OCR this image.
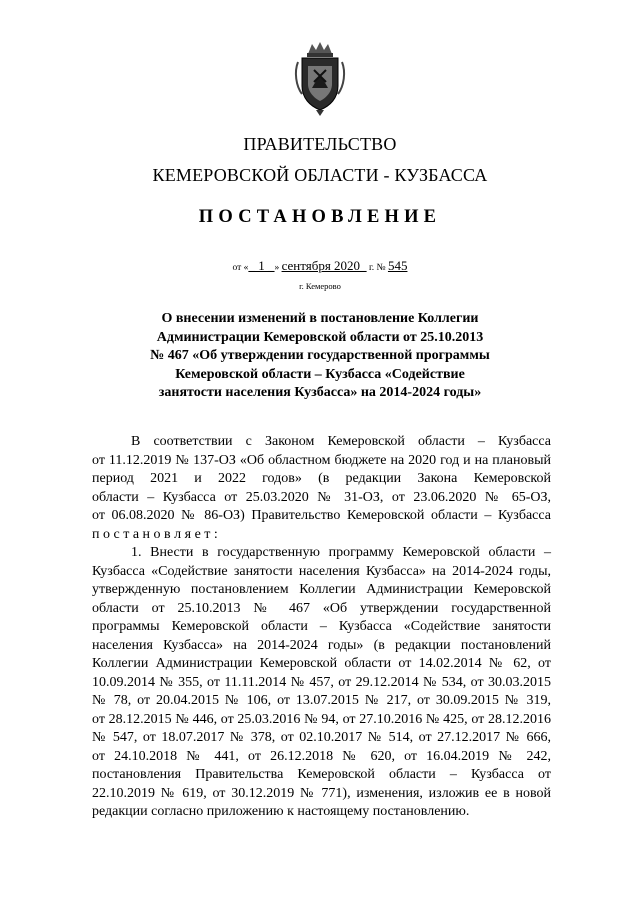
ПРАВИТЕЛЬСТВО
КЕМЕРОВСКОЙ ОБЛАСТИ - КУЗБАССА
ПОСТАНОВЛЕНИЕ
от «_ 1 _» сентября 2020_ г. № 545
г. Кемерово
О внесении изменений в постановление Коллегии
Администрации Кемеровской области от 25.10.2013
№ 467 «Об утверждении государственной программы
Кемеровской области – Кузбасса «Содействие
занятости населения Кузбасса» на 2014-2024 годы»
В соответствии с Законом Кемеровской области – Кузбасса
от 11.12.2019 № 137-ОЗ «Об областном бюджете на 2020 год и на плановый
период 2021 и 2022 годов» (в редакции Закона Кемеровской
области – Кузбасса от 25.03.2020 № 31-ОЗ, от 23.06.2020 № 65-ОЗ,
от 06.08.2020 № 86-ОЗ) Правительство Кемеровской области – Кузбасса
п о с т а н о в л я е т :
1. Внести в государственную программу Кемеровской области –
Кузбасса «Содействие занятости населения Кузбасса» на 2014-2024 годы,
утвержденную постановлением Коллегии Администрации Кемеровской
области от 25.10.2013 № 467 «Об утверждении государственной
программы Кемеровской области – Кузбасса «Содействие занятости
населения Кузбасса» на 2014-2024 годы» (в редакции постановлений
Коллегии Администрации Кемеровской области от 14.02.2014 № 62, от
10.09.2014 № 355, от 11.11.2014 № 457, от 29.12.2014 № 534, от 30.03.2015
№ 78, от 20.04.2015 № 106, от 13.07.2015 № 217, от 30.09.2015 № 319,
от 28.12.2015 № 446, от 25.03.2016 № 94, от 27.10.2016 № 425, от 28.12.2016
№ 547, от 18.07.2017 № 378, от 02.10.2017 № 514, от 27.12.2017 № 666,
от 24.10.2018 № 441, от 26.12.2018 № 620, от 16.04.2019 № 242,
постановления Правительства Кемеровской области – Кузбасса от
22.10.2019 № 619, от 30.12.2019 № 771), изменения, изложив ее в новой
редакции согласно приложению к настоящему постановлению.
